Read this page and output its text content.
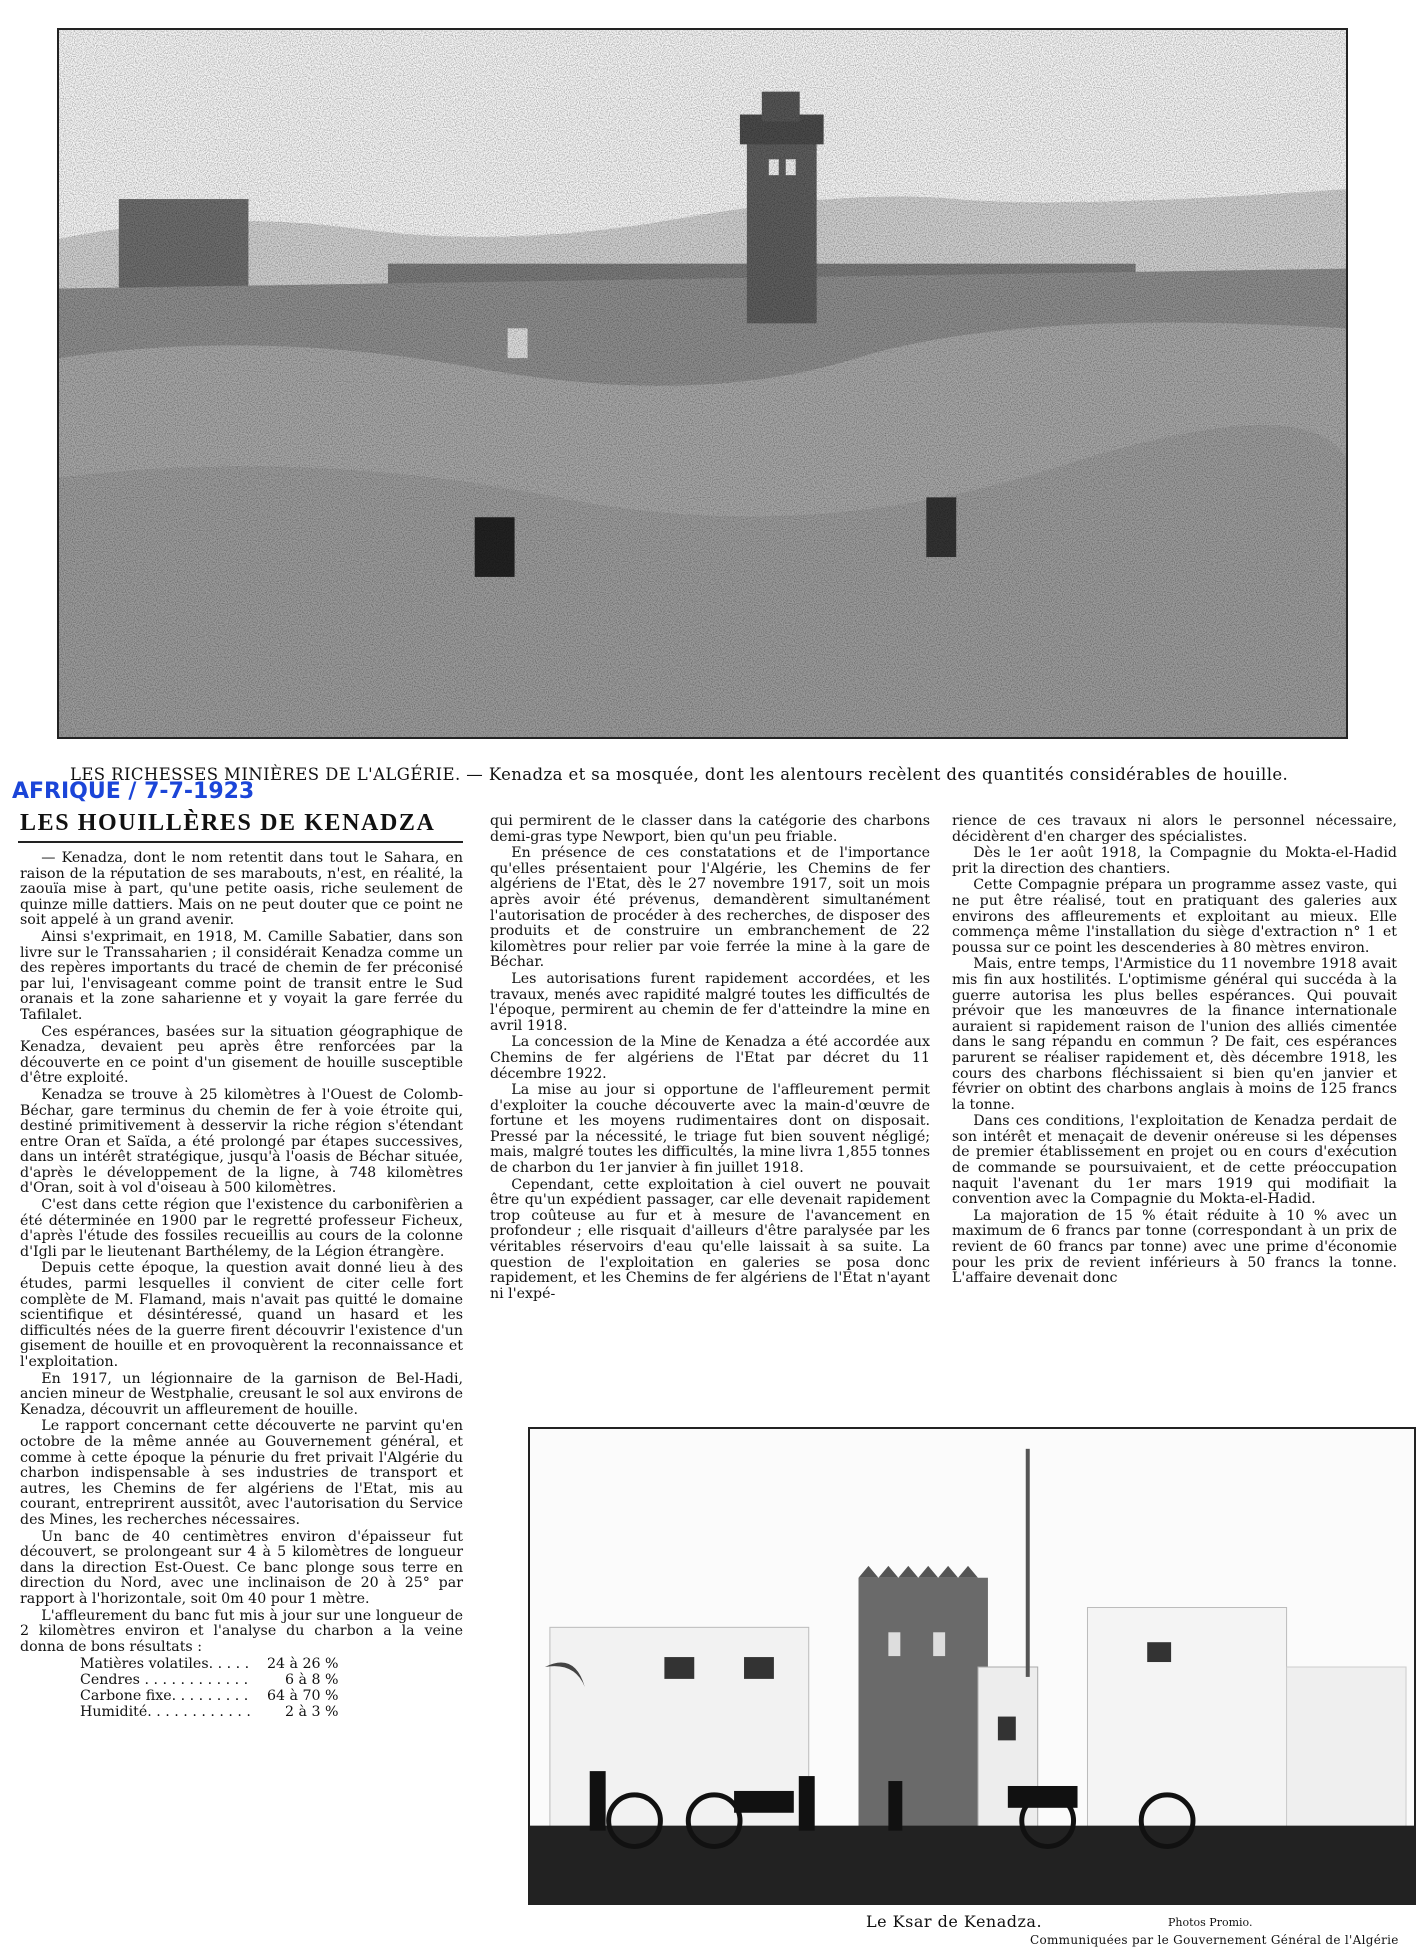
LES RICHESSES MINIÈRES DE L'ALGÉRIE. — Kenadza et sa mosquée, dont les alentours recèlent des quantités considérables de houille.
AFRIQUE / 7-7-1923
LES HOUILLÈRES DE KENADZA

— Kenadza, dont le nom retentit dans tout le Sahara, en raison de la réputation de ses marabouts, n'est, en réalité, la zaouïa mise à part, qu'une petite oasis, riche seulement de quinze mille dattiers. Mais on ne peut douter que ce point ne soit appelé à un grand avenir.

Ainsi s'exprimait, en 1918, M. Camille Sabatier, dans son livre sur le Transsaharien ; il considérait Kenadza comme un des repères importants du tracé de chemin de fer préconisé par lui, l'envisageant comme point de transit entre le Sud oranais et la zone saharienne et y voyait la gare ferrée du Tafilalet.

Ces espérances, basées sur la situation géographique de Kenadza, devaient peu après être renforcées par la découverte en ce point d'un gisement de houille susceptible d'être exploité.

Kenadza se trouve à 25 kilomètres à l'Ouest de Colomb-Béchar, gare terminus du chemin de fer à voie étroite qui, destiné primitivement à desservir la riche région s'étendant entre Oran et Saïda, a été prolongé par étapes successives, dans un intérêt stratégique, jusqu'à l'oasis de Béchar située, d'après le développement de la ligne, à 748 kilomètres d'Oran, soit à vol d'oiseau à 500 kilomètres.

C'est dans cette région que l'existence du carbonifèrien a été déterminée en 1900 par le regretté professeur Ficheux, d'après l'étude des fossiles recueillis au cours de la colonne d'Igli par le lieutenant Barthélemy, de la Légion étrangère.

Depuis cette époque, la question avait donné lieu à des études, parmi lesquelles il convient de citer celle fort complète de M. Flamand, mais n'avait pas quitté le domaine scientifique et désintéressé, quand un hasard et les difficultés nées de la guerre firent découvrir l'existence d'un gisement de houille et en provoquèrent la reconnaissance et l'exploitation.

En 1917, un légionnaire de la garnison de Bel-Hadi, ancien mineur de Westphalie, creusant le sol aux environs de Kenadza, découvrit un affleurement de houille.

Le rapport concernant cette découverte ne parvint qu'en octobre de la même année au Gouvernement général, et comme à cette époque la pénurie du fret privait l'Algérie du charbon indispensable à ses industries de transport et autres, les Chemins de fer algériens de l'Etat, mis au courant, entreprirent aussitôt, avec l'autorisation du Service des Mines, les recherches nécessaires.

Un banc de 40 centimètres environ d'épaisseur fut découvert, se prolongeant sur 4 à 5 kilomètres de longueur dans la direction Est-Ouest. Ce banc plonge sous terre en direction du Nord, avec une inclinaison de 20 à 25° par rapport à l'horizontale, soit 0m 40 pour 1 mètre.

L'affleurement du banc fut mis à jour sur une longueur de 2 kilomètres environ et l'analyse du charbon a la veine donna de bons résultats :

Matières volatiles. . . . .	24 à 26 %
Cendres . . . . . . . . . . . .	6 à 8 %
Carbone fixe. . . . . . . . .	64 à 70 %
Humidité. . . . . . . . . . . .	2 à 3 %

qui permirent de le classer dans la catégorie des charbons demi-gras type Newport, bien qu'un peu friable.

En présence de ces constatations et de l'importance qu'elles présentaient pour l'Algérie, les Chemins de fer algériens de l'Etat, dès le 27 novembre 1917, soit un mois après avoir été prévenus, demandèrent simultanément l'autorisation de procéder à des recherches, de disposer des produits et de construire un embranchement de 22 kilomètres pour relier par voie ferrée la mine à la gare de Béchar.

Les autorisations furent rapidement accordées, et les travaux, menés avec rapidité malgré toutes les difficultés de l'époque, permirent au chemin de fer d'atteindre la mine en avril 1918.

La concession de la Mine de Kenadza a été accordée aux Chemins de fer algériens de l'Etat par décret du 11 décembre 1922.

La mise au jour si opportune de l'affleurement permit d'exploiter la couche découverte avec la main-d'œuvre de fortune et les moyens rudimentaires dont on disposait. Pressé par la nécessité, le triage fut bien souvent négligé; mais, malgré toutes les difficultés, la mine livra 1,855 tonnes de charbon du 1er janvier à fin juillet 1918.

Cependant, cette exploitation à ciel ouvert ne pouvait être qu'un expédient passager, car elle devenait rapidement trop coûteuse au fur et à mesure de l'avancement en profondeur ; elle risquait d'ailleurs d'être paralysée par les véritables réservoirs d'eau qu'elle laissait à sa suite. La question de l'exploitation en galeries se posa donc rapidement, et les Chemins de fer algériens de l'Etat n'ayant ni l'expé-

rience de ces travaux ni alors le personnel nécessaire, décidèrent d'en charger des spécialistes.

Dès le 1er août 1918, la Compagnie du Mokta-el-Hadid prit la direction des chantiers.

Cette Compagnie prépara un programme assez vaste, qui ne put être réalisé, tout en pratiquant des galeries aux environs des affleurements et exploitant au mieux. Elle commença même l'installation du siège d'extraction n° 1 et poussa sur ce point les descenderies à 80 mètres environ.

Mais, entre temps, l'Armistice du 11 novembre 1918 avait mis fin aux hostilités. L'optimisme général qui succéda à la guerre autorisa les plus belles espérances. Qui pouvait prévoir que les manœuvres de la finance internationale auraient si rapidement raison de l'union des alliés cimentée dans le sang répandu en commun ? De fait, ces espérances parurent se réaliser rapidement et, dès décembre 1918, les cours des charbons fléchissaient si bien qu'en janvier et février on obtint des charbons anglais à moins de 125 francs la tonne.

Dans ces conditions, l'exploitation de Kenadza perdait de son intérêt et menaçait de devenir onéreuse si les dépenses de premier établissement en projet ou en cours d'exécution de commande se poursuivaient, et de cette préoccupation naquit l'avenant du 1er mars 1919 qui modifiait la convention avec la Compagnie du Mokta-el-Hadid.

La majoration de 15 % était réduite à 10 % avec un maximum de 6 francs par tonne (correspondant à un prix de revient de 60 francs par tonne) avec une prime d'économie pour les prix de revient inférieurs à 50 francs la tonne. L'affaire devenait donc

Le Ksar de Kenadza.	Photos Promio.
Communiquées par le Gouvernement Général de l'Algérie
